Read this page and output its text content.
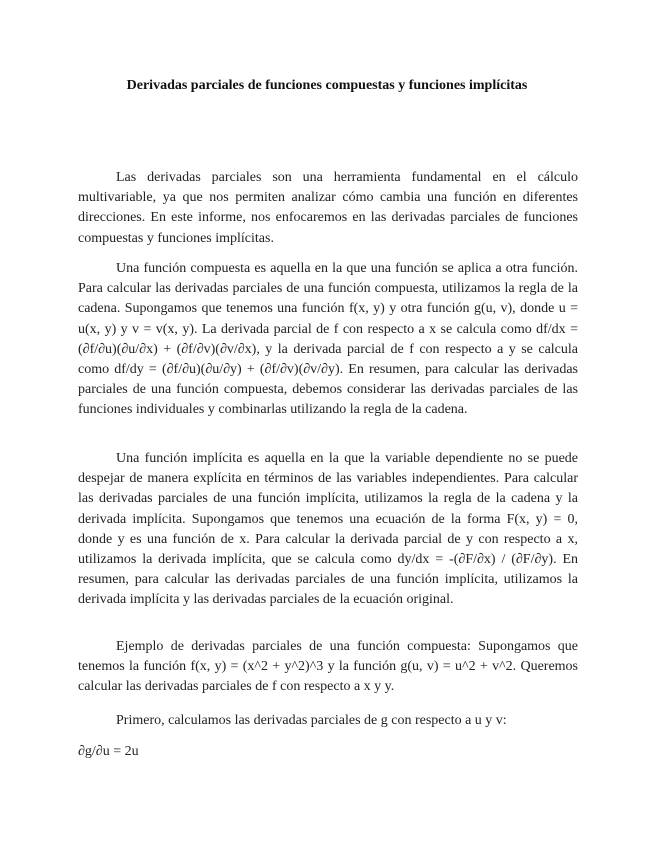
Derivadas parciales de funciones compuestas y funciones implícitas

Las derivadas parciales son una herramienta fundamental en el cálculo multivariable, ya que nos permiten analizar cómo cambia una función en diferentes direcciones. En este informe, nos enfocaremos en las derivadas parciales de funciones compuestas y funciones implícitas.

Una función compuesta es aquella en la que una función se aplica a otra función. Para calcular las derivadas parciales de una función compuesta, utilizamos la regla de la cadena. Supongamos que tenemos una función f(x, y) y otra función g(u, v), donde u = u(x, y) y v = v(x, y). La derivada parcial de f con respecto a x se calcula como df/dx = (∂f/∂u)(∂u/∂x) + (∂f/∂v)(∂v/∂x), y la derivada parcial de f con respecto a y se calcula como df/dy = (∂f/∂u)(∂u/∂y) + (∂f/∂v)(∂v/∂y). En resumen, para calcular las derivadas parciales de una función compuesta, debemos considerar las derivadas parciales de las funciones individuales y combinarlas utilizando la regla de la cadena.

Una función implícita es aquella en la que la variable dependiente no se puede despejar de manera explícita en términos de las variables independientes. Para calcular las derivadas parciales de una función implícita, utilizamos la regla de la cadena y la derivada implícita. Supongamos que tenemos una ecuación de la forma F(x, y) = 0, donde y es una función de x. Para calcular la derivada parcial de y con respecto a x, utilizamos la derivada implícita, que se calcula como dy/dx = -(∂F/∂x) / (∂F/∂y). En resumen, para calcular las derivadas parciales de una función implícita, utilizamos la derivada implícita y las derivadas parciales de la ecuación original.

Ejemplo de derivadas parciales de una función compuesta: Supongamos que tenemos la función f(x, y) = (x^2 + y^2)^3 y la función g(u, v) = u^2 + v^2. Queremos calcular las derivadas parciales de f con respecto a x y y.

Primero, calculamos las derivadas parciales de g con respecto a u y v:

∂g/∂u = 2u
